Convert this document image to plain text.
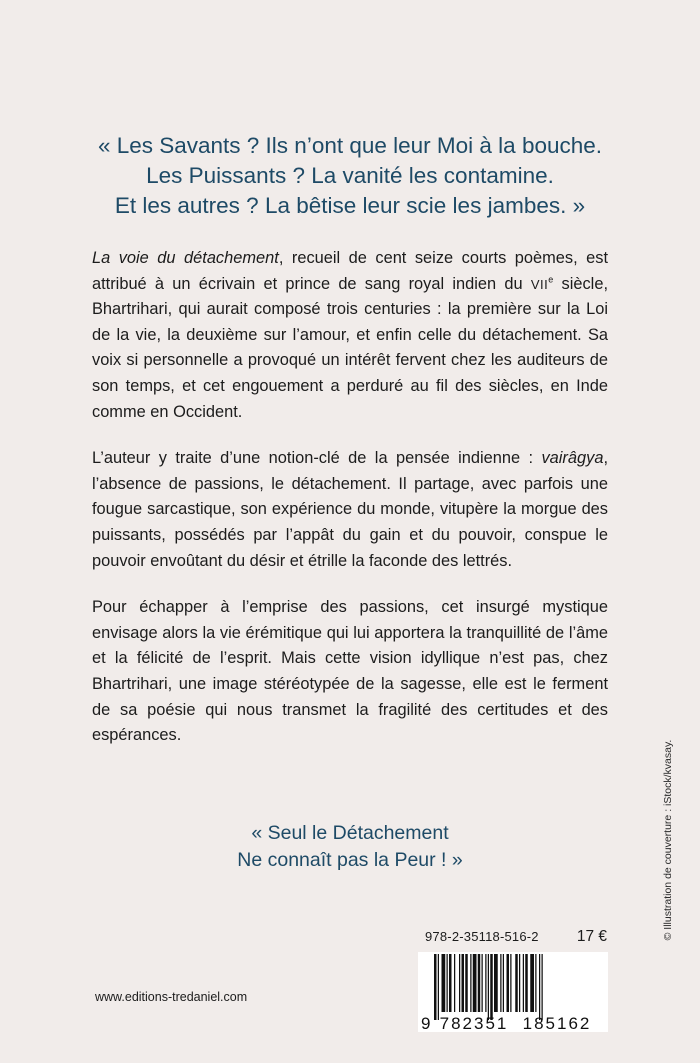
« Les Savants ? Ils n’ont que leur Moi à la bouche.
Les Puissants ? La vanité les contamine.
Et les autres ? La bêtise leur scie les jambes. »

La voie du détachement, recueil de cent seize courts poèmes, est attribué à un écrivain et prince de sang royal indien du VIIe siècle, Bhartrihari, qui aurait composé trois centuries : la première sur la Loi de la vie, la deuxième sur l’amour, et enfin celle du détachement. Sa voix si personnelle a provoqué un intérêt fervent chez les auditeurs de son temps, et cet engouement a perduré au fil des siècles, en Inde comme en Occident.

L’auteur y traite d’une notion-clé de la pensée indienne : vairâgya, l’absence de passions, le détachement. Il partage, avec parfois une fougue sarcastique, son expérience du monde, vitupère la morgue des puissants, possédés par l’appât du gain et du pouvoir, conspue le pouvoir envoûtant du désir et étrille la faconde des lettrés.

Pour échapper à l’emprise des passions, cet insurgé mystique envisage alors la vie érémitique qui lui apportera la tranquillité de l’âme et la félicité de l’esprit. Mais cette vision idyllique n’est pas, chez Bhartrihari, une image stéréotypée de la sagesse, elle est le ferment de sa poésie qui nous transmet la fragilité des certitudes et des espérances.

« Seul le Détachement
Ne connaît pas la Peur ! »	© Illustration de couverture : iStock/kvasay.
978-2-35118-516-2 17 €
9 782351 185162
www.editions-tredaniel.com
